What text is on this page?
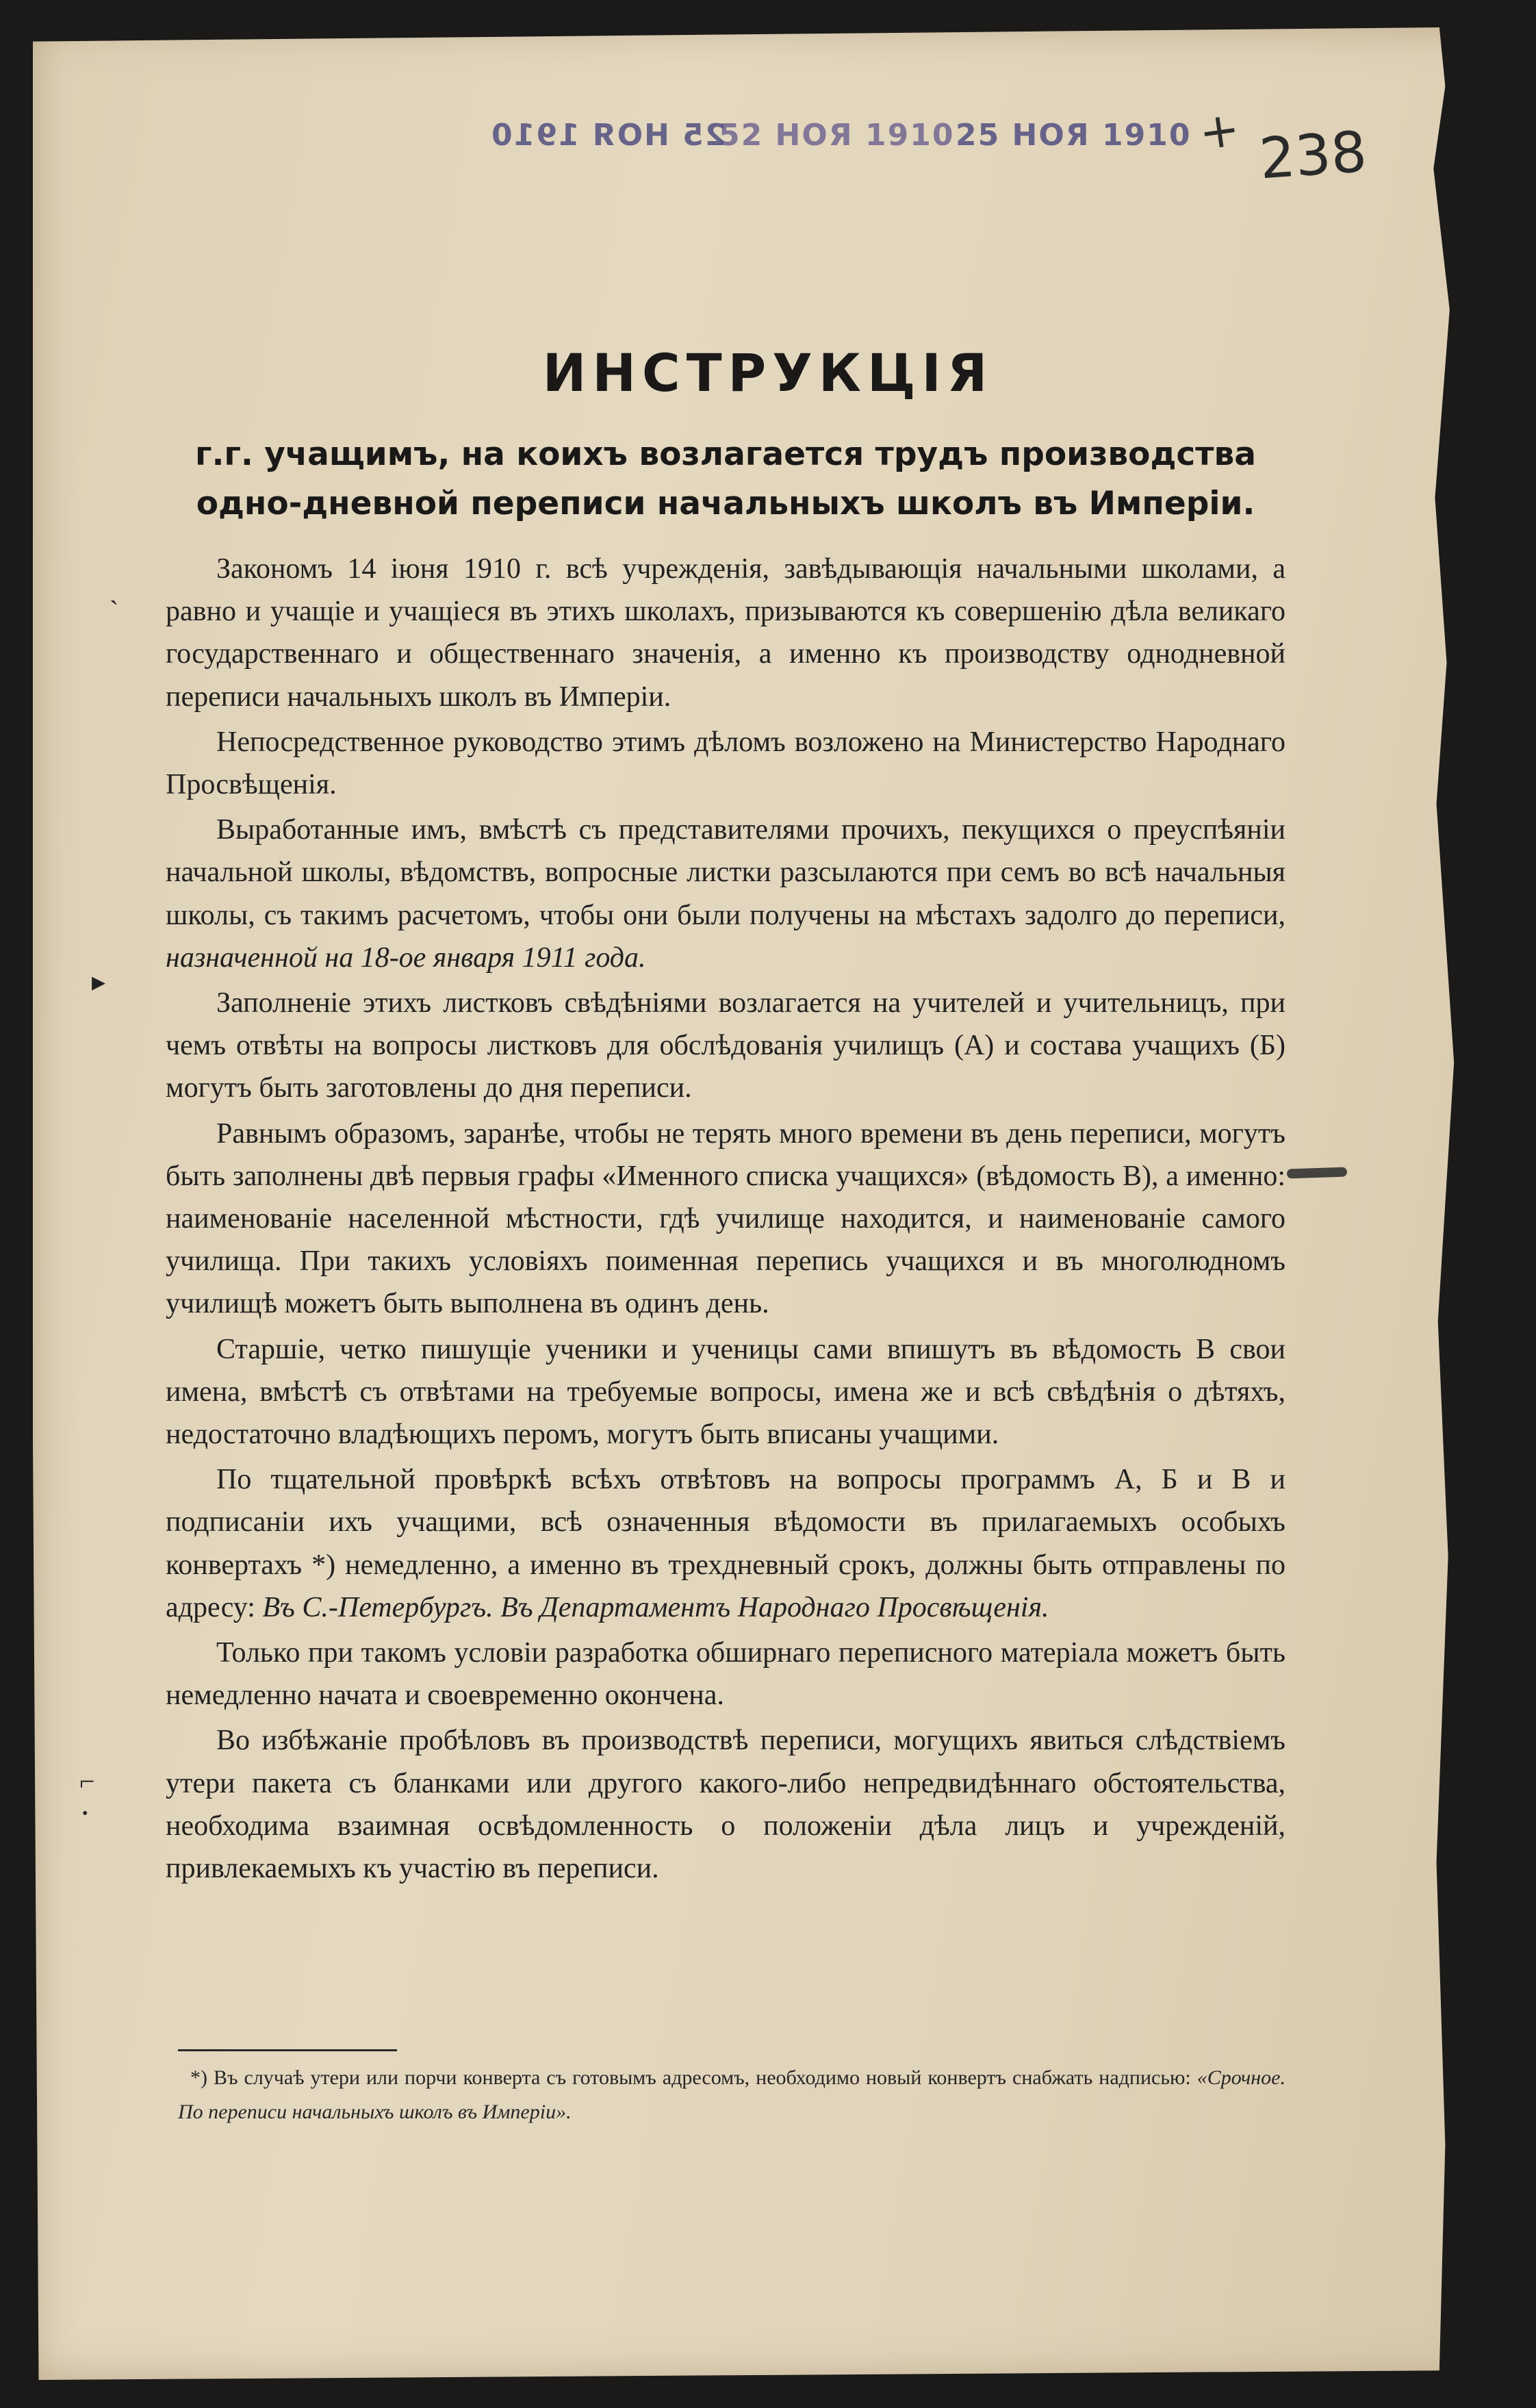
25 НОЯ 1910
52 НОЯ 1910 25 НОЯ 1910 + 238
ИНСТРУКЦІЯ
г.г. учащимъ, на коихъ возлагается трудъ производства одно-дневной переписи начальныхъ школъ въ Имперіи.

Закономъ 14 іюня 1910 г. всѣ учрежденія, завѣдывающія начальными школами, а равно и учащіе и учащіеся въ этихъ школахъ, призываются къ совершенію дѣла великаго государственнаго и общественнаго значенія, а именно къ производству однодневной переписи начальныхъ школъ въ Имперіи.

Непосредственное руководство этимъ дѣломъ возложено на Министерство Народнаго Просвѣщенія.

Выработанные имъ, вмѣстѣ съ представителями прочихъ, пекущихся о преуспѣяніи начальной школы, вѣдомствъ, вопросные листки разсылаются при семъ во всѣ начальныя школы, съ такимъ расчетомъ, чтобы они были получены на мѣстахъ задолго до переписи, назначенной на 18-ое января 1911 года.

Заполненіе этихъ листковъ свѣдѣніями возлагается на учителей и учительницъ, при чемъ отвѣты на вопросы листковъ для обслѣдованія училищъ (А) и состава учащихъ (Б) могутъ быть заготовлены до дня переписи.

Равнымъ образомъ, заранѣе, чтобы не терять много времени въ день переписи, могутъ быть заполнены двѣ первыя графы «Именного списка учащихся» (вѣдомость В), а именно: наименованіе населенной мѣстности, гдѣ училище находится, и наименованіе самого училища. При такихъ условіяхъ поименная перепись учащихся и въ многолюдномъ училищѣ можетъ быть выполнена въ одинъ день.

Старшіе, четко пишущіе ученики и ученицы сами впишутъ въ вѣдомость В свои имена, вмѣстѣ съ отвѣтами на требуемые вопросы, имена же и всѣ свѣдѣнія о дѣтяхъ, недостаточно владѣющихъ перомъ, могутъ быть вписаны учащими.

По тщательной провѣркѣ всѣхъ отвѣтовъ на вопросы программъ А, Б и В и подписаніи ихъ учащими, всѣ означенныя вѣдомости въ прилагаемыхъ особыхъ конвертахъ *) немедленно, а именно въ трехдневный срокъ, должны быть отправлены по адресу: Въ С.-Петербургъ. Въ Департаментъ Народнаго Просвѣщенія.

Только при такомъ условіи разработка обширнаго переписного матеріала можетъ быть немедленно начата и своевременно окончена.

Во избѣжаніе пробѣловъ въ производствѣ переписи, могущихъ явиться слѣдствіемъ утери пакета съ бланками или другого какого-либо непредвидѣннаго обстоятельства, необходима взаимная освѣдомленность о положеніи дѣла лицъ и учрежденій, привлекаемыхъ къ участію въ переписи.

*) Въ случаѣ утери или порчи конверта съ готовымъ адресомъ, необходимо новый конвертъ снабжать надписью: «Срочное. По переписи начальныхъ школъ въ Имперіи».

ˋ
▸
⌐
•
